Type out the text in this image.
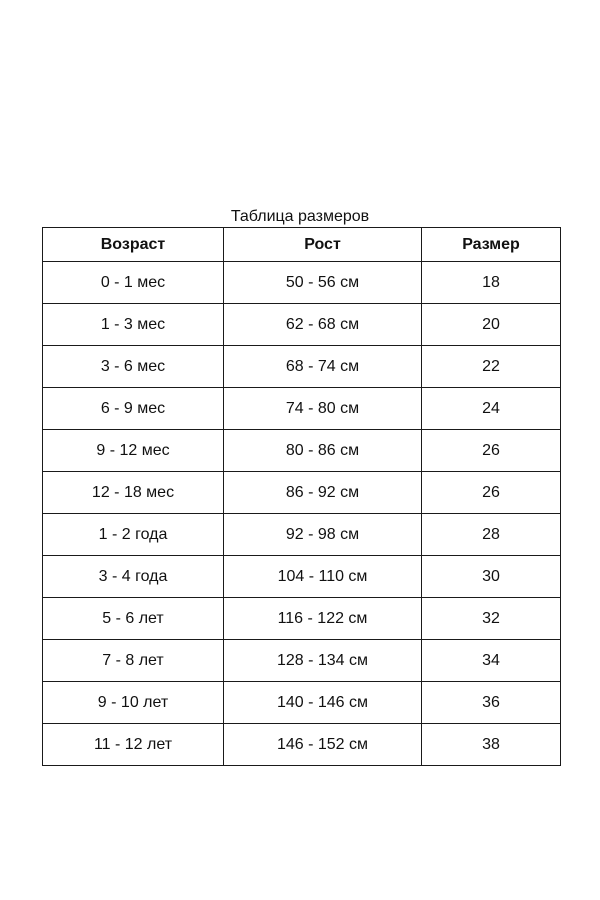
Таблица размеров
Возраст	Рост	Размер
0 - 1 мес	50 - 56 см	18
1 - 3 мес	62 - 68 см	20
3 - 6 мес	68 - 74 см	22
6 - 9 мес	74 - 80 см	24
9 - 12 мес	80 - 86 см	26
12 - 18 мес	86 - 92 см	26
1 - 2 года	92 - 98 см	28
3 - 4 года	104 - 110 см	30
5 - 6 лет	116 - 122 см	32
7 - 8 лет	128 - 134 см	34
9 - 10 лет	140 - 146 см	36
11 - 12 лет	146 - 152 см	38
